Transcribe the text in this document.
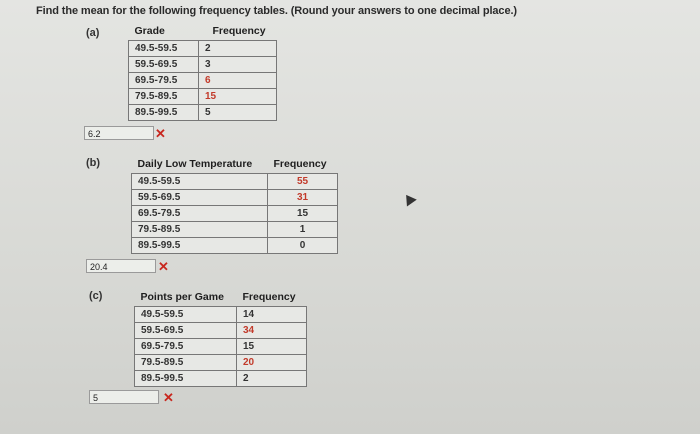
Find the mean for the following frequency tables. (Round your answers to one decimal place.)
(a)	Grade	Frequency
49.5-59.5	2
59.5-69.5	3
69.5-79.5	6
79.5-89.5	15
89.5-99.5	5
6.2	✕
(b)	Daily Low Temperature	Frequency
49.5-59.5	55
59.5-69.5	31
69.5-79.5	15
79.5-89.5	1
89.5-99.5	0
20.4	✕
(c)	Points per Game	Frequency
49.5-59.5	14
59.5-69.5	34
69.5-79.5	15
79.5-89.5	20
89.5-99.5	2
5	✕
